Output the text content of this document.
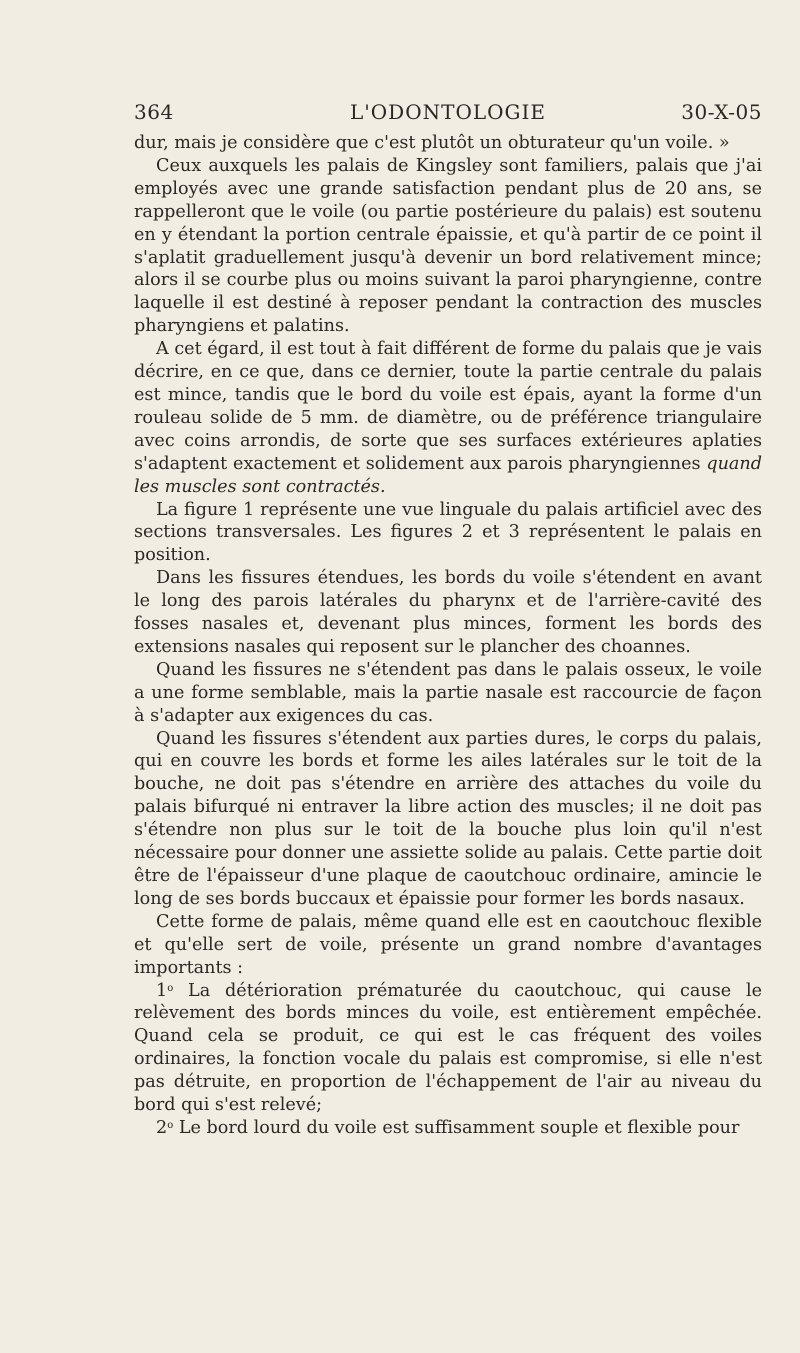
364	L'ODONTOLOGIE	30-X-05

dur, mais je considère que c'est plutôt un obturateur qu'un voile. »

Ceux auxquels les palais de Kingsley sont familiers, palais que j'ai employés avec une grande satisfaction pendant plus de 20 ans, se rappelleront que le voile (ou partie postérieure du palais) est soutenu en y étendant la portion centrale épaissie, et qu'à partir de ce point il s'aplatit graduellement jusqu'à devenir un bord relativement mince; alors il se courbe plus ou moins suivant la paroi pharyngienne, contre laquelle il est destiné à reposer pendant la contraction des muscles pharyngiens et palatins.

A cet égard, il est tout à fait différent de forme du palais que je vais décrire, en ce que, dans ce dernier, toute la partie centrale du palais est mince, tandis que le bord du voile est épais, ayant la forme d'un rouleau solide de 5 mm. de diamètre, ou de préférence triangulaire avec coins arrondis, de sorte que ses surfaces extérieures aplaties s'adaptent exactement et solidement aux parois pharyngiennes quand les muscles sont contractés.

La figure 1 représente une vue linguale du palais artificiel avec des sections transversales. Les figures 2 et 3 représentent le palais en position.

Dans les fissures étendues, les bords du voile s'étendent en avant le long des parois latérales du pharynx et de l'arrière-cavité des fosses nasales et, devenant plus minces, forment les bords des extensions nasales qui reposent sur le plancher des choannes.

Quand les fissures ne s'étendent pas dans le palais osseux, le voile a une forme semblable, mais la partie nasale est raccourcie de façon à s'adapter aux exigences du cas.

Quand les fissures s'étendent aux parties dures, le corps du palais, qui en couvre les bords et forme les ailes latérales sur le toit de la bouche, ne doit pas s'étendre en arrière des attaches du voile du palais bifurqué ni entraver la libre action des muscles; il ne doit pas s'étendre non plus sur le toit de la bouche plus loin qu'il n'est nécessaire pour donner une assiette solide au palais. Cette partie doit être de l'épaisseur d'une plaque de caoutchouc ordinaire, amincie le long de ses bords buccaux et épaissie pour former les bords nasaux.

Cette forme de palais, même quand elle est en caoutchouc flexible et qu'elle sert de voile, présente un grand nombre d'avantages importants :

1$^o$ La détérioration prématurée du caoutchouc, qui cause le relèvement des bords minces du voile, est entièrement empêchée. Quand cela se produit, ce qui est le cas fréquent des voiles ordinaires, la fonction vocale du palais est compromise, si elle n'est pas détruite, en proportion de l'échappement de l'air au niveau du bord qui s'est relevé;

2$^o$ Le bord lourd du voile est suffisamment souple et flexible pour
